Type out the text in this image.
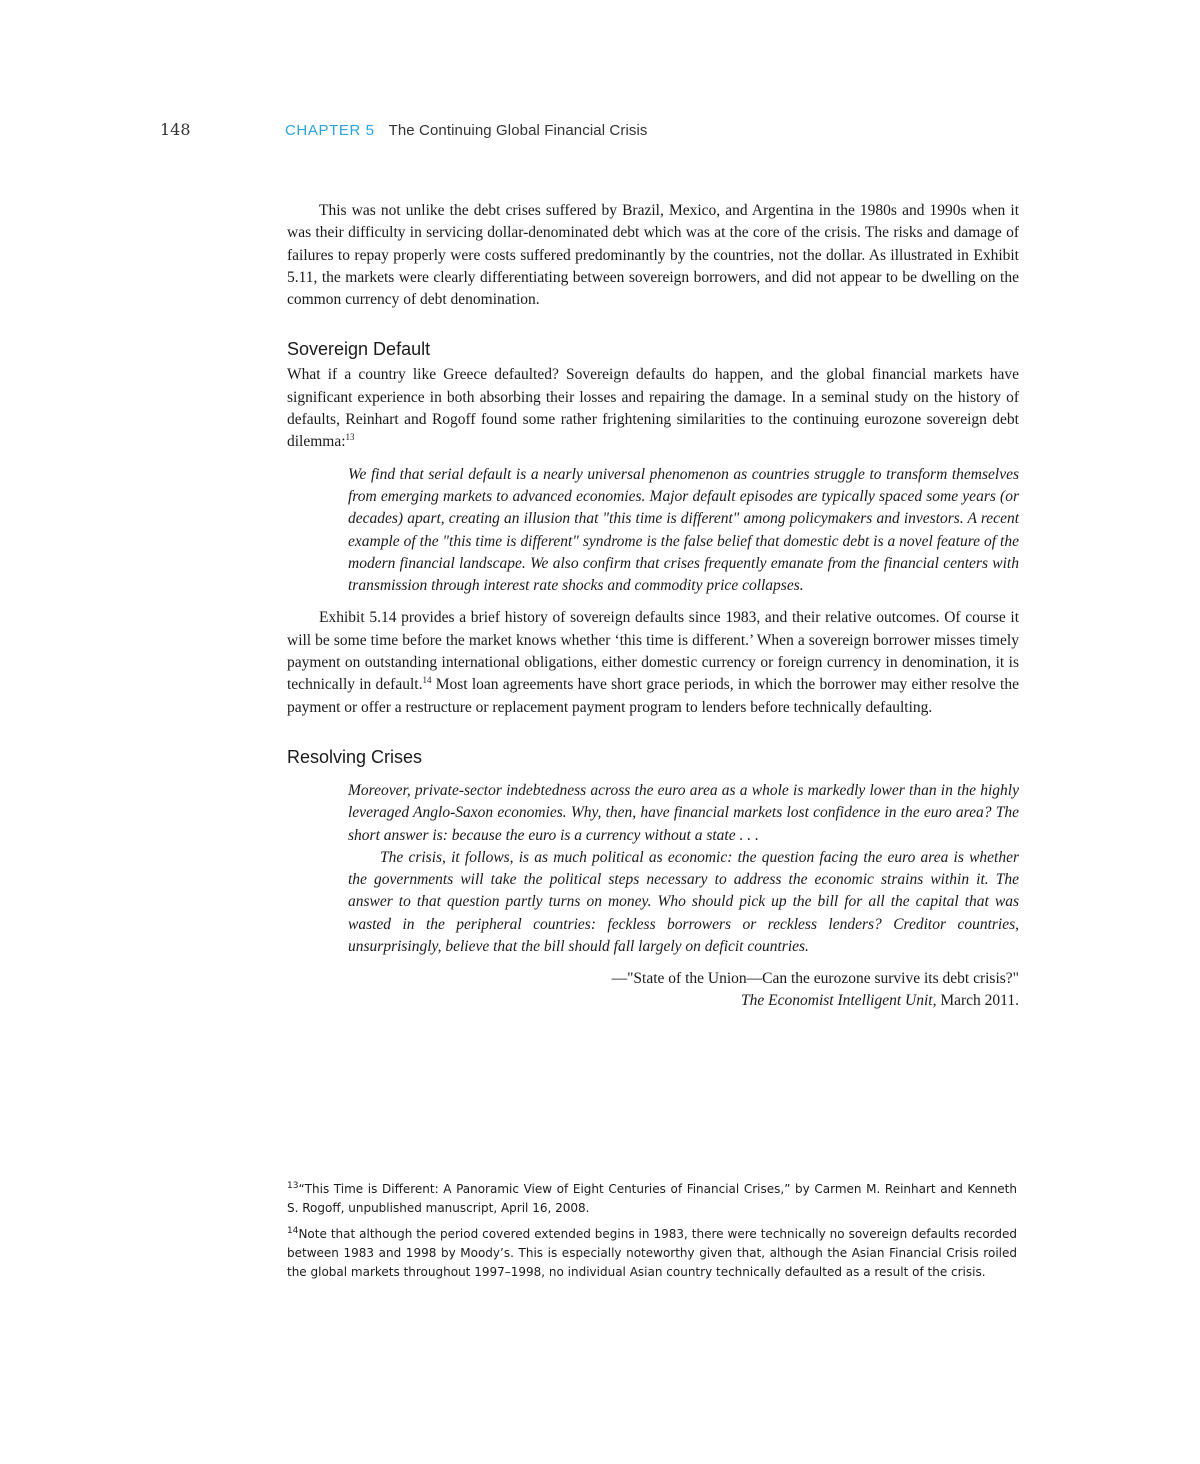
148	CHAPTER 5 The Continuing Global Financial Crisis

This was not unlike the debt crises suffered by Brazil, Mexico, and Argentina in the 1980s and 1990s when it was their difficulty in servicing dollar-denominated debt which was at the core of the crisis. The risks and damage of failures to repay properly were costs suffered predominantly by the countries, not the dollar. As illustrated in Exhibit 5.11, the markets were clearly differentiating between sovereign borrowers, and did not appear to be dwelling on the common currency of debt denomination.

Sovereign Default

What if a country like Greece defaulted? Sovereign defaults do happen, and the global financial markets have significant experience in both absorbing their losses and repairing the damage. In a seminal study on the history of defaults, Reinhart and Rogoff found some rather frightening similarities to the continuing eurozone sovereign debt dilemma:$^{13}$

We find that serial default is a nearly universal phenomenon as countries struggle to transform themselves from emerging markets to advanced economies. Major default episodes are typically spaced some years (or decades) apart, creating an illusion that "this time is different" among policymakers and investors. A recent example of the "this time is different" syndrome is the false belief that domestic debt is a novel feature of the modern financial landscape. We also confirm that crises frequently emanate from the financial centers with transmission through interest rate shocks and commodity price collapses.

Exhibit 5.14 provides a brief history of sovereign defaults since 1983, and their relative outcomes. Of course it will be some time before the market knows whether ‘this time is different.’ When a sovereign borrower misses timely payment on outstanding international obligations, either domestic currency or foreign currency in denomination, it is technically in default.$^{14}$ Most loan agreements have short grace periods, in which the borrower may either resolve the payment or offer a restructure or replacement payment program to lenders before technically defaulting.

Resolving Crises

Moreover, private-sector indebtedness across the euro area as a whole is markedly lower than in the highly leveraged Anglo-Saxon economies. Why, then, have financial markets lost confidence in the euro area? The short answer is: because the euro is a currency without a state . . .

The crisis, it follows, is as much political as economic: the question facing the euro area is whether the governments will take the political steps necessary to address the economic strains within it. The answer to that question partly turns on money. Who should pick up the bill for all the capital that was wasted in the peripheral countries: feckless borrowers or reckless lenders? Creditor countries, unsurprisingly, believe that the bill should fall largely on deficit countries.

—"State of the Union—Can the eurozone survive its debt crisis?"
The Economist Intelligent Unit, March 2011.

$^{13}$“This Time is Different: A Panoramic View of Eight Centuries of Financial Crises,” by Carmen M. Reinhart and Kenneth S. Rogoff, unpublished manuscript, April 16, 2008.

$^{14}$Note that although the period covered extended begins in 1983, there were technically no sovereign defaults recorded between 1983 and 1998 by Moody’s. This is especially noteworthy given that, although the Asian Financial Crisis roiled the global markets throughout 1997–1998, no individual Asian country technically defaulted as a result of the crisis.
